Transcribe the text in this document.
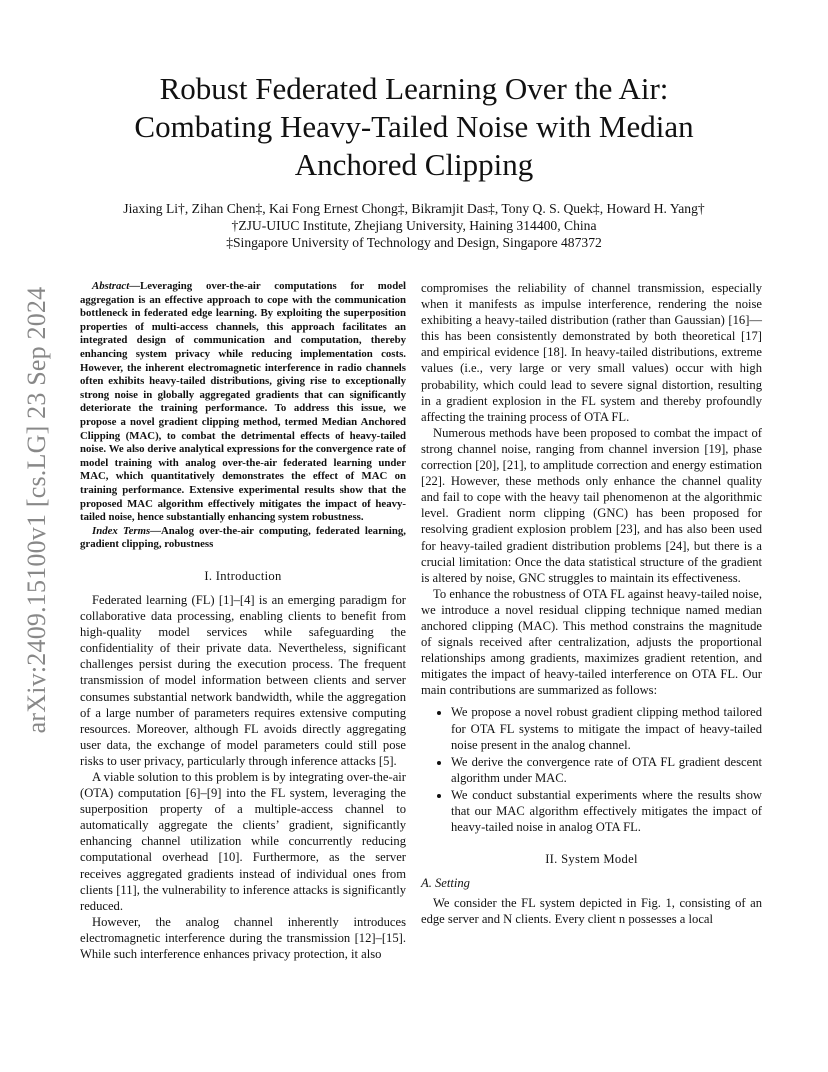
Robust Federated Learning Over the Air:
Combating Heavy-Tailed Noise with Median
Anchored Clipping
Jiaxing Li†, Zihan Chen‡, Kai Fong Ernest Chong‡, Bikramjit Das‡, Tony Q. S. Quek‡, Howard H. Yang†
†ZJU-UIUC Institute, Zhejiang University, Haining 314400, China
‡Singapore University of Technology and Design, Singapore 487372
arXiv:2409.15100v1 [cs.LG] 23 Sep 2024

Abstract—Leveraging over-the-air computations for model aggregation is an effective approach to cope with the communication bottleneck in federated edge learning. By exploiting the superposition properties of multi-access channels, this approach facilitates an integrated design of communication and computation, thereby enhancing system privacy while reducing implementation costs. However, the inherent electromagnetic interference in radio channels often exhibits heavy-tailed distributions, giving rise to exceptionally strong noise in globally aggregated gradients that can significantly deteriorate the training performance. To address this issue, we propose a novel gradient clipping method, termed Median Anchored Clipping (MAC), to combat the detrimental effects of heavy-tailed noise. We also derive analytical expressions for the convergence rate of model training with analog over-the-air federated learning under MAC, which quantitatively demonstrates the effect of MAC on training performance. Extensive experimental results show that the proposed MAC algorithm effectively mitigates the impact of heavy-tailed noise, hence substantially enhancing system robustness.

Index Terms—Analog over-the-air computing, federated learning, gradient clipping, robustness

I. Introduction

Federated learning (FL) [1]–[4] is an emerging paradigm for collaborative data processing, enabling clients to benefit from high-quality model services while safeguarding the confidentiality of their private data. Nevertheless, significant challenges persist during the execution process. The frequent transmission of model information between clients and server consumes substantial network bandwidth, while the aggregation of a large number of parameters requires extensive computing resources. Moreover, although FL avoids directly aggregating user data, the exchange of model parameters could still pose risks to user privacy, particularly through inference attacks [5].

A viable solution to this problem is by integrating over-the-air (OTA) computation [6]–[9] into the FL system, leveraging the superposition property of a multiple-access channel to automatically aggregate the clients’ gradient, significantly enhancing channel utilization while concurrently reducing computational overhead [10]. Furthermore, as the server receives aggregated gradients instead of individual ones from clients [11], the vulnerability to inference attacks is significantly reduced.

However, the analog channel inherently introduces electromagnetic interference during the transmission [12]–[15]. While such interference enhances privacy protection, it also

compromises the reliability of channel transmission, especially when it manifests as impulse interference, rendering the noise exhibiting a heavy-tailed distribution (rather than Gaussian) [16]—this has been consistently demonstrated by both theoretical [17] and empirical evidence [18]. In heavy-tailed distributions, extreme values (i.e., very large or very small values) occur with high probability, which could lead to severe signal distortion, resulting in a gradient explosion in the FL system and thereby profoundly affecting the training process of OTA FL.

Numerous methods have been proposed to combat the impact of strong channel noise, ranging from channel inversion [19], phase correction [20], [21], to amplitude correction and energy estimation [22]. However, these methods only enhance the channel quality and fail to cope with the heavy tail phenomenon at the algorithmic level. Gradient norm clipping (GNC) has been proposed for resolving gradient explosion problem [23], and has also been used for heavy-tailed gradient distribution problems [24], but there is a crucial limitation: Once the data statistical structure of the gradient is altered by noise, GNC struggles to maintain its effectiveness.

To enhance the robustness of OTA FL against heavy-tailed noise, we introduce a novel residual clipping technique named median anchored clipping (MAC). This method constrains the magnitude of signals received after centralization, adjusts the proportional relationships among gradients, maximizes gradient retention, and mitigates the impact of heavy-tailed interference on OTA FL. Our main contributions are summarized as follows:

• We propose a novel robust gradient clipping method tailored for OTA FL systems to mitigate the impact of heavy-tailed noise present in the analog channel.
• We derive the convergence rate of OTA FL gradient descent algorithm under MAC.
• We conduct substantial experiments where the results show that our MAC algorithm effectively mitigates the impact of heavy-tailed noise in analog OTA FL.
II. System Model
A. Setting

We consider the FL system depicted in Fig. 1, consisting of an edge server and N clients. Every client n possesses a local
